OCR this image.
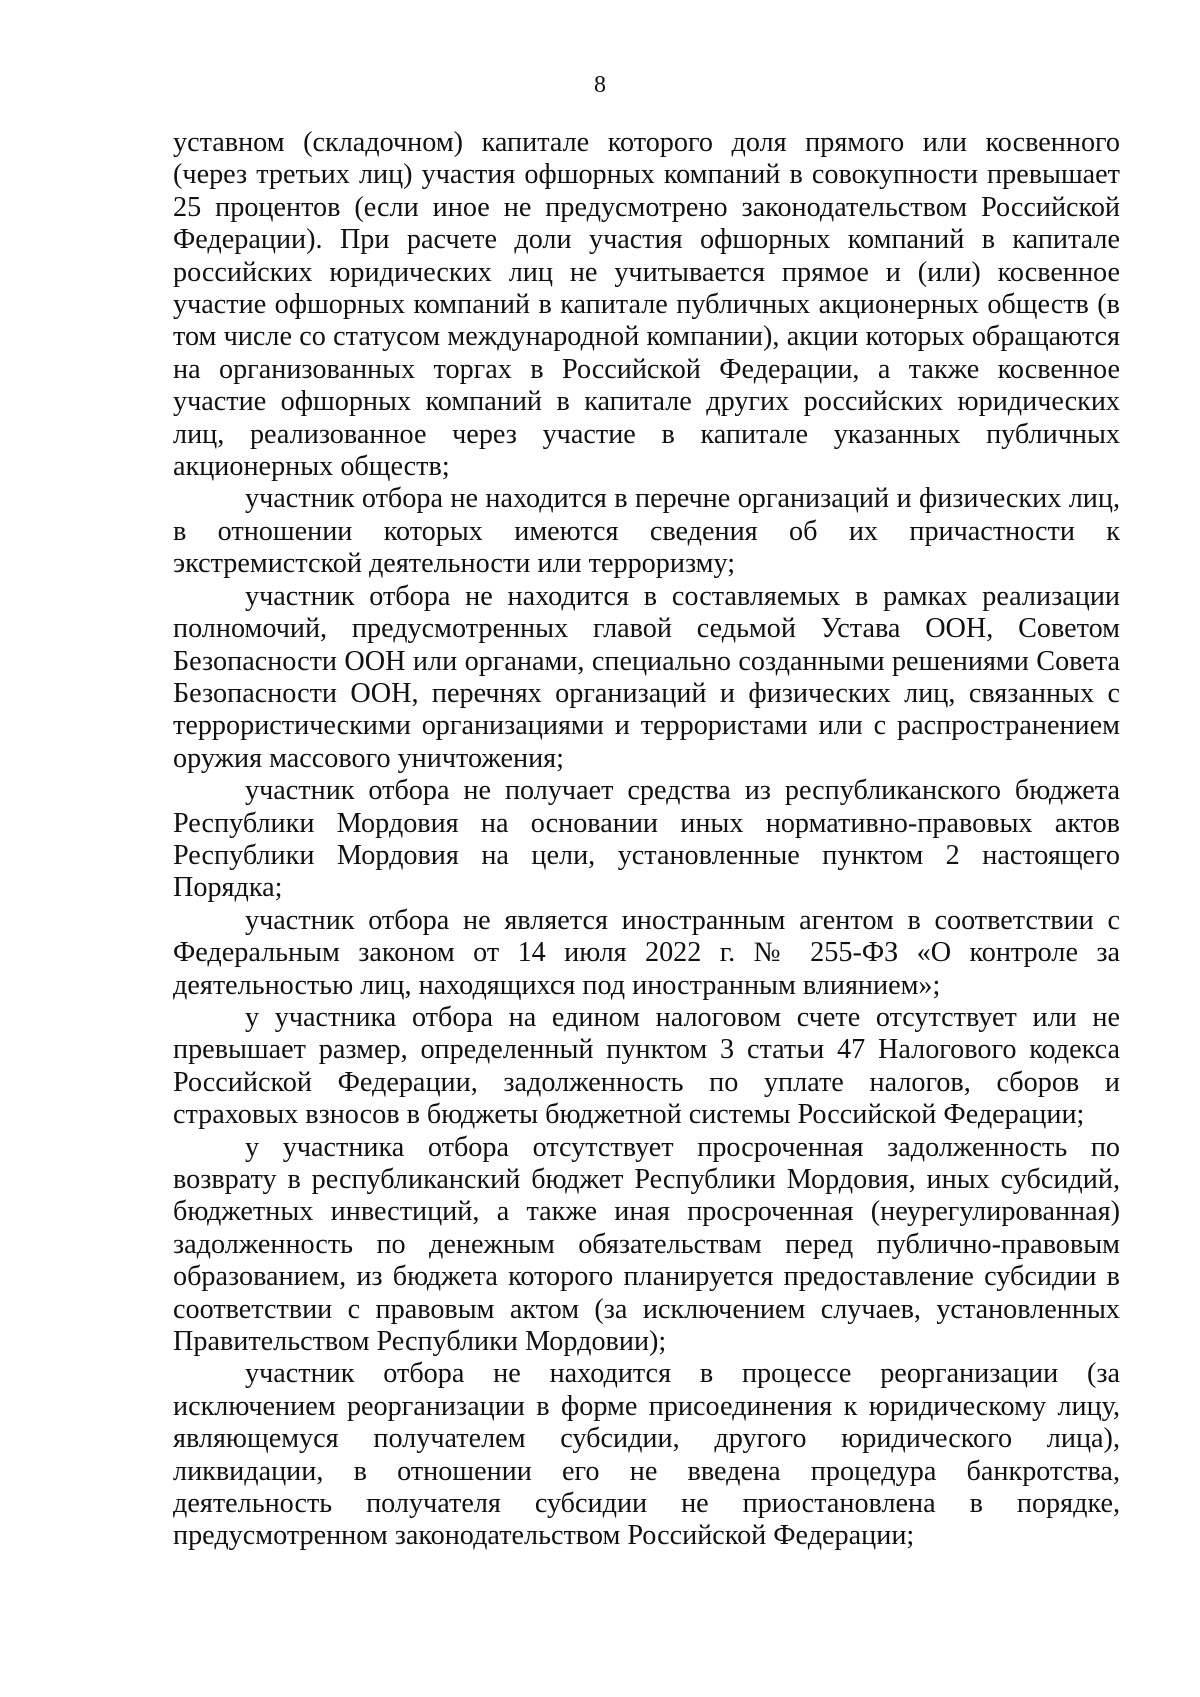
8

уставном (складочном) капитале которого доля прямого или косвенного (через третьих лиц) участия офшорных компаний в совокупности превышает 25 процентов (если иное не предусмотрено законодательством Российской Федерации). При расчете доли участия офшорных компаний в капитале российских юридических лиц не учитывается прямое и (или) косвенное участие офшорных компаний в капитале публичных акционерных обществ (в том числе со статусом международной компании), акции которых обращаются на организованных торгах в Российской Федерации, а также косвенное участие офшорных компаний в капитале других российских юридических лиц, реализованное через участие в капитале указанных публичных акционерных обществ;

участник отбора не находится в перечне организаций и физических лиц, в отношении которых имеются сведения об их причастности к экстремистской деятельности или терроризму;

участник отбора не находится в составляемых в рамках реализации полномочий, предусмотренных главой седьмой Устава ООН, Советом Безопасности ООН или органами, специально созданными решениями Совета Безопасности ООН, перечнях организаций и физических лиц, связанных с террористическими организациями и террористами или с распространением оружия массового уничтожения;

участник отбора не получает средства из республиканского бюджета Республики Мордовия на основании иных нормативно-правовых актов Республики Мордовия на цели, установленные пунктом 2 настоящего Порядка;

участник отбора не является иностранным агентом в соответствии с Федеральным законом от 14 июля 2022 г. № 255-ФЗ «О контроле за деятельностью лиц, находящихся под иностранным влиянием»;

у участника отбора на едином налоговом счете отсутствует или не превышает размер, определенный пунктом 3 статьи 47 Налогового кодекса Российской Федерации, задолженность по уплате налогов, сборов и страховых взносов в бюджеты бюджетной системы Российской Федерации;

у участника отбора отсутствует просроченная задолженность по возврату в республиканский бюджет Республики Мордовия, иных субсидий, бюджетных инвестиций, а также иная просроченная (неурегулированная) задолженность по денежным обязательствам перед публично-правовым образованием, из бюджета которого планируется предоставление субсидии в соответствии с правовым актом (за исключением случаев, установленных Правительством Республики Мордовии);

участник отбора не находится в процессе реорганизации (за исключением реорганизации в форме присоединения к юридическому лицу, являющемуся получателем субсидии, другого юридического лица), ликвидации, в отношении его не введена процедура банкротства, деятельность получателя субсидии не приостановлена в порядке, предусмотренном законодательством Российской Федерации;
